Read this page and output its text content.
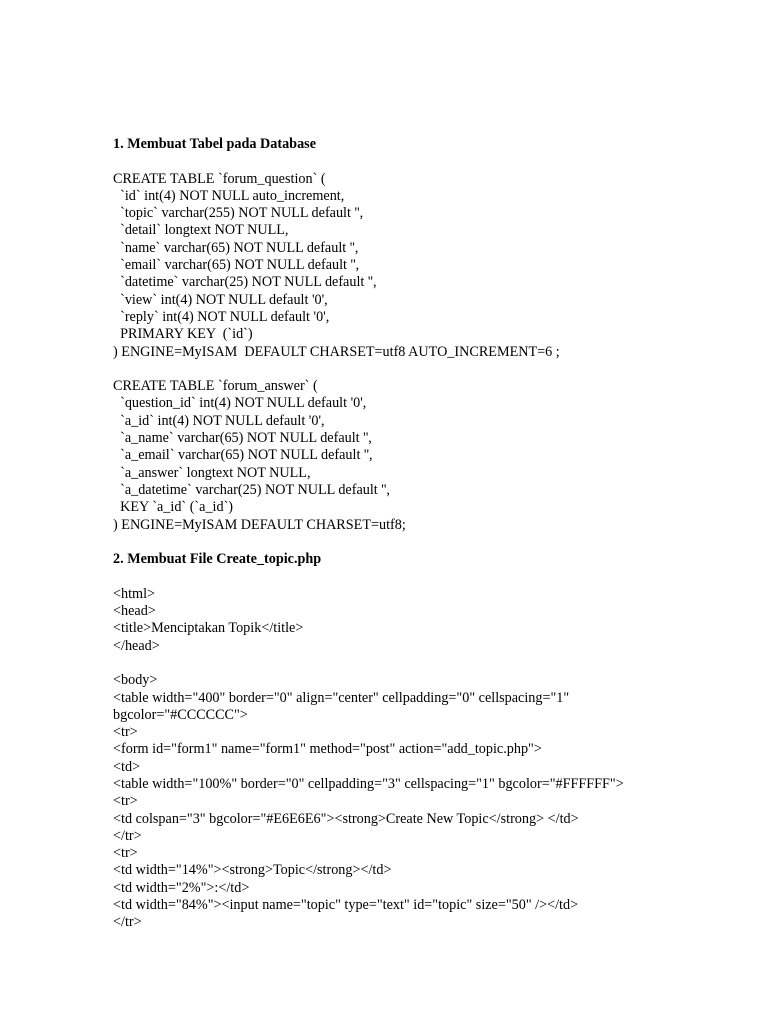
1. Membuat Tabel pada Database
CREATE TABLE `forum_question` (
`id` int(4) NOT NULL auto_increment,
`topic` varchar(255) NOT NULL default '',
`detail` longtext NOT NULL,
`name` varchar(65) NOT NULL default '',
`email` varchar(65) NOT NULL default '',
`datetime` varchar(25) NOT NULL default '',
`view` int(4) NOT NULL default '0',
`reply` int(4) NOT NULL default '0',
PRIMARY KEY  (`id`)
) ENGINE=MyISAM  DEFAULT CHARSET=utf8 AUTO_INCREMENT=6 ;
CREATE TABLE `forum_answer` (
`question_id` int(4) NOT NULL default '0',
`a_id` int(4) NOT NULL default '0',
`a_name` varchar(65) NOT NULL default '',
`a_email` varchar(65) NOT NULL default '',
`a_answer` longtext NOT NULL,
`a_datetime` varchar(25) NOT NULL default '',
KEY `a_id` (`a_id`)
) ENGINE=MyISAM DEFAULT CHARSET=utf8;
2. Membuat File Create_topic.php
<html>
<head>
<title>Menciptakan Topik</title>
</head>
<body>
<table width="400" border="0" align="center" cellpadding="0" cellspacing="1"
bgcolor="#CCCCCC">
<tr>
<form id="form1" name="form1" method="post" action="add_topic.php">
<td>
<table width="100%" border="0" cellpadding="3" cellspacing="1" bgcolor="#FFFFFF">
<tr>
<td colspan="3" bgcolor="#E6E6E6"><strong>Create New Topic</strong> </td>
</tr>
<tr>
<td width="14%"><strong>Topic</strong></td>
<td width="2%">:</td>
<td width="84%"><input name="topic" type="text" id="topic" size="50" /></td>
</tr>
